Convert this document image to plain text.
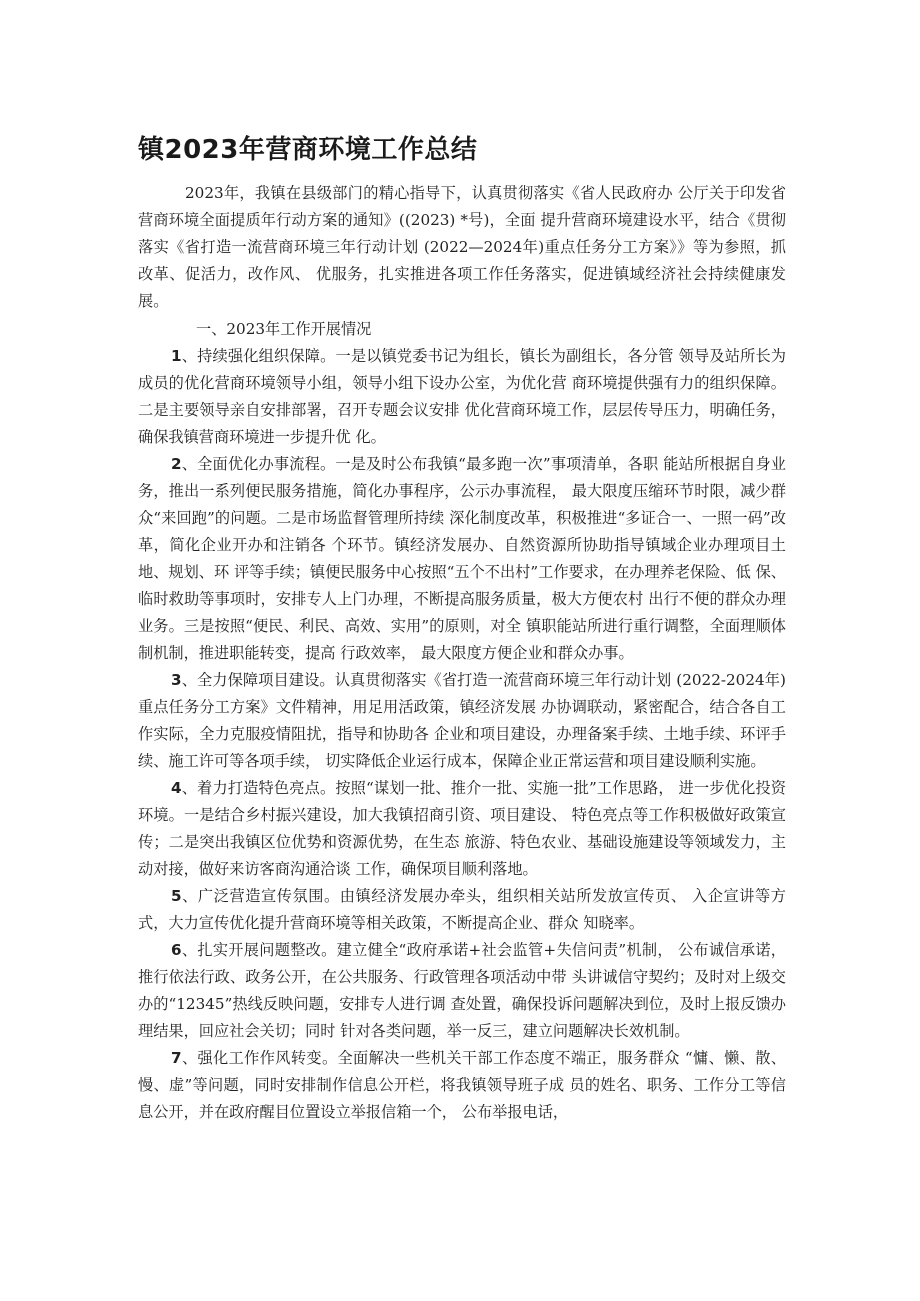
镇2023年营商环境工作总结

2023年，我镇在县级部门的精心指导下，认真贯彻落实《省人民政府办 公厅关于印发省营商环境全面提质年行动方案的通知》((2023) *号)，全面 提升营商环境建设水平，结合《贯彻落实《省打造一流营商环境三年行动计划 (2022—2024年)重点任务分工方案》》等为参照，抓改革、促活力，改作风、 优服务，扎实推进各项工作任务落实，促进镇域经济社会持续健康发展。

一、2023年工作开展情况

1、持续强化组织保障。一是以镇党委书记为组长，镇长为副组长，各分管 领导及站所长为成员的优化营商环境领导小组，领导小组下设办公室，为优化营 商环境提供强有力的组织保障。二是主要领导亲自安排部署，召开专题会议安排 优化营商环境工作，层层传导压力，明确任务，确保我镇营商环境进一步提升优 化。

2、全面优化办事流程。一是及时公布我镇“最多跑一次”事项清单，各职 能站所根据自身业务，推出一系列便民服务措施，简化办事程序，公示办事流程， 最大限度压缩环节时限，减少群众“来回跑”的问题。二是市场监督管理所持续 深化制度改革，积极推进“多证合一、一照一码”改革，简化企业开办和注销各 个环节。镇经济发展办、自然资源所协助指导镇域企业办理项目土地、规划、环 评等手续；镇便民服务中心按照“五个不出村”工作要求，在办理养老保险、低 保、临时救助等事项时，安排专人上门办理，不断提高服务质量，极大方便农村 出行不便的群众办理业务。三是按照“便民、利民、高效、实用”的原则，对全 镇职能站所进行重行调整，全面理顺体制机制，推进职能转变，提高 行政效率， 最大限度方便企业和群众办事。

3、全力保障项目建设。认真贯彻落实《省打造一流营商环境三年行动计划 (2022-2024年)重点任务分工方案》文件精神，用足用活政策，镇经济发展 办协调联动，紧密配合，结合各自工作实际，全力克服疫情阻扰，指导和协助各 企业和项目建设，办理备案手续、土地手续、环评手续、施工许可等各项手续， 切实降低企业运行成本，保障企业正常运营和项目建设顺利实施。

4、着力打造特色亮点。按照“谋划一批、推介一批、实施一批”工作思路， 进一步优化投资环境。一是结合乡村振兴建设，加大我镇招商引资、项目建设、 特色亮点等工作积极做好政策宣传；二是突出我镇区位优势和资源优势，在生态 旅游、特色农业、基础设施建设等领域发力，主动对接，做好来访客商沟通洽谈 工作，确保项目顺利落地。

5、广泛营造宣传氛围。由镇经济发展办牵头，组织相关站所发放宣传页、 入企宣讲等方式，大力宣传优化提升营商环境等相关政策，不断提高企业、群众 知晓率。

6、扎实开展问题整改。建立健全“政府承诺+社会监管+失信问责”机制， 公布诚信承诺，推行依法行政、政务公开，在公共服务、行政管理各项活动中带 头讲诚信守契约；及时对上级交办的“12345”热线反映问题，安排专人进行调 查处置，确保投诉问题解决到位，及时上报反馈办理结果，回应社会关切；同时 针对各类问题，举一反三，建立问题解决长效机制。

7、强化工作作风转变。全面解决一些机关干部工作态度不端正，服务群众 “慵、懒、散、慢、虚”等问题，同时安排制作信息公开栏，将我镇领导班子成 员的姓名、职务、工作分工等信息公开，并在政府醒目位置设立举报信箱一个， 公布举报电话，
